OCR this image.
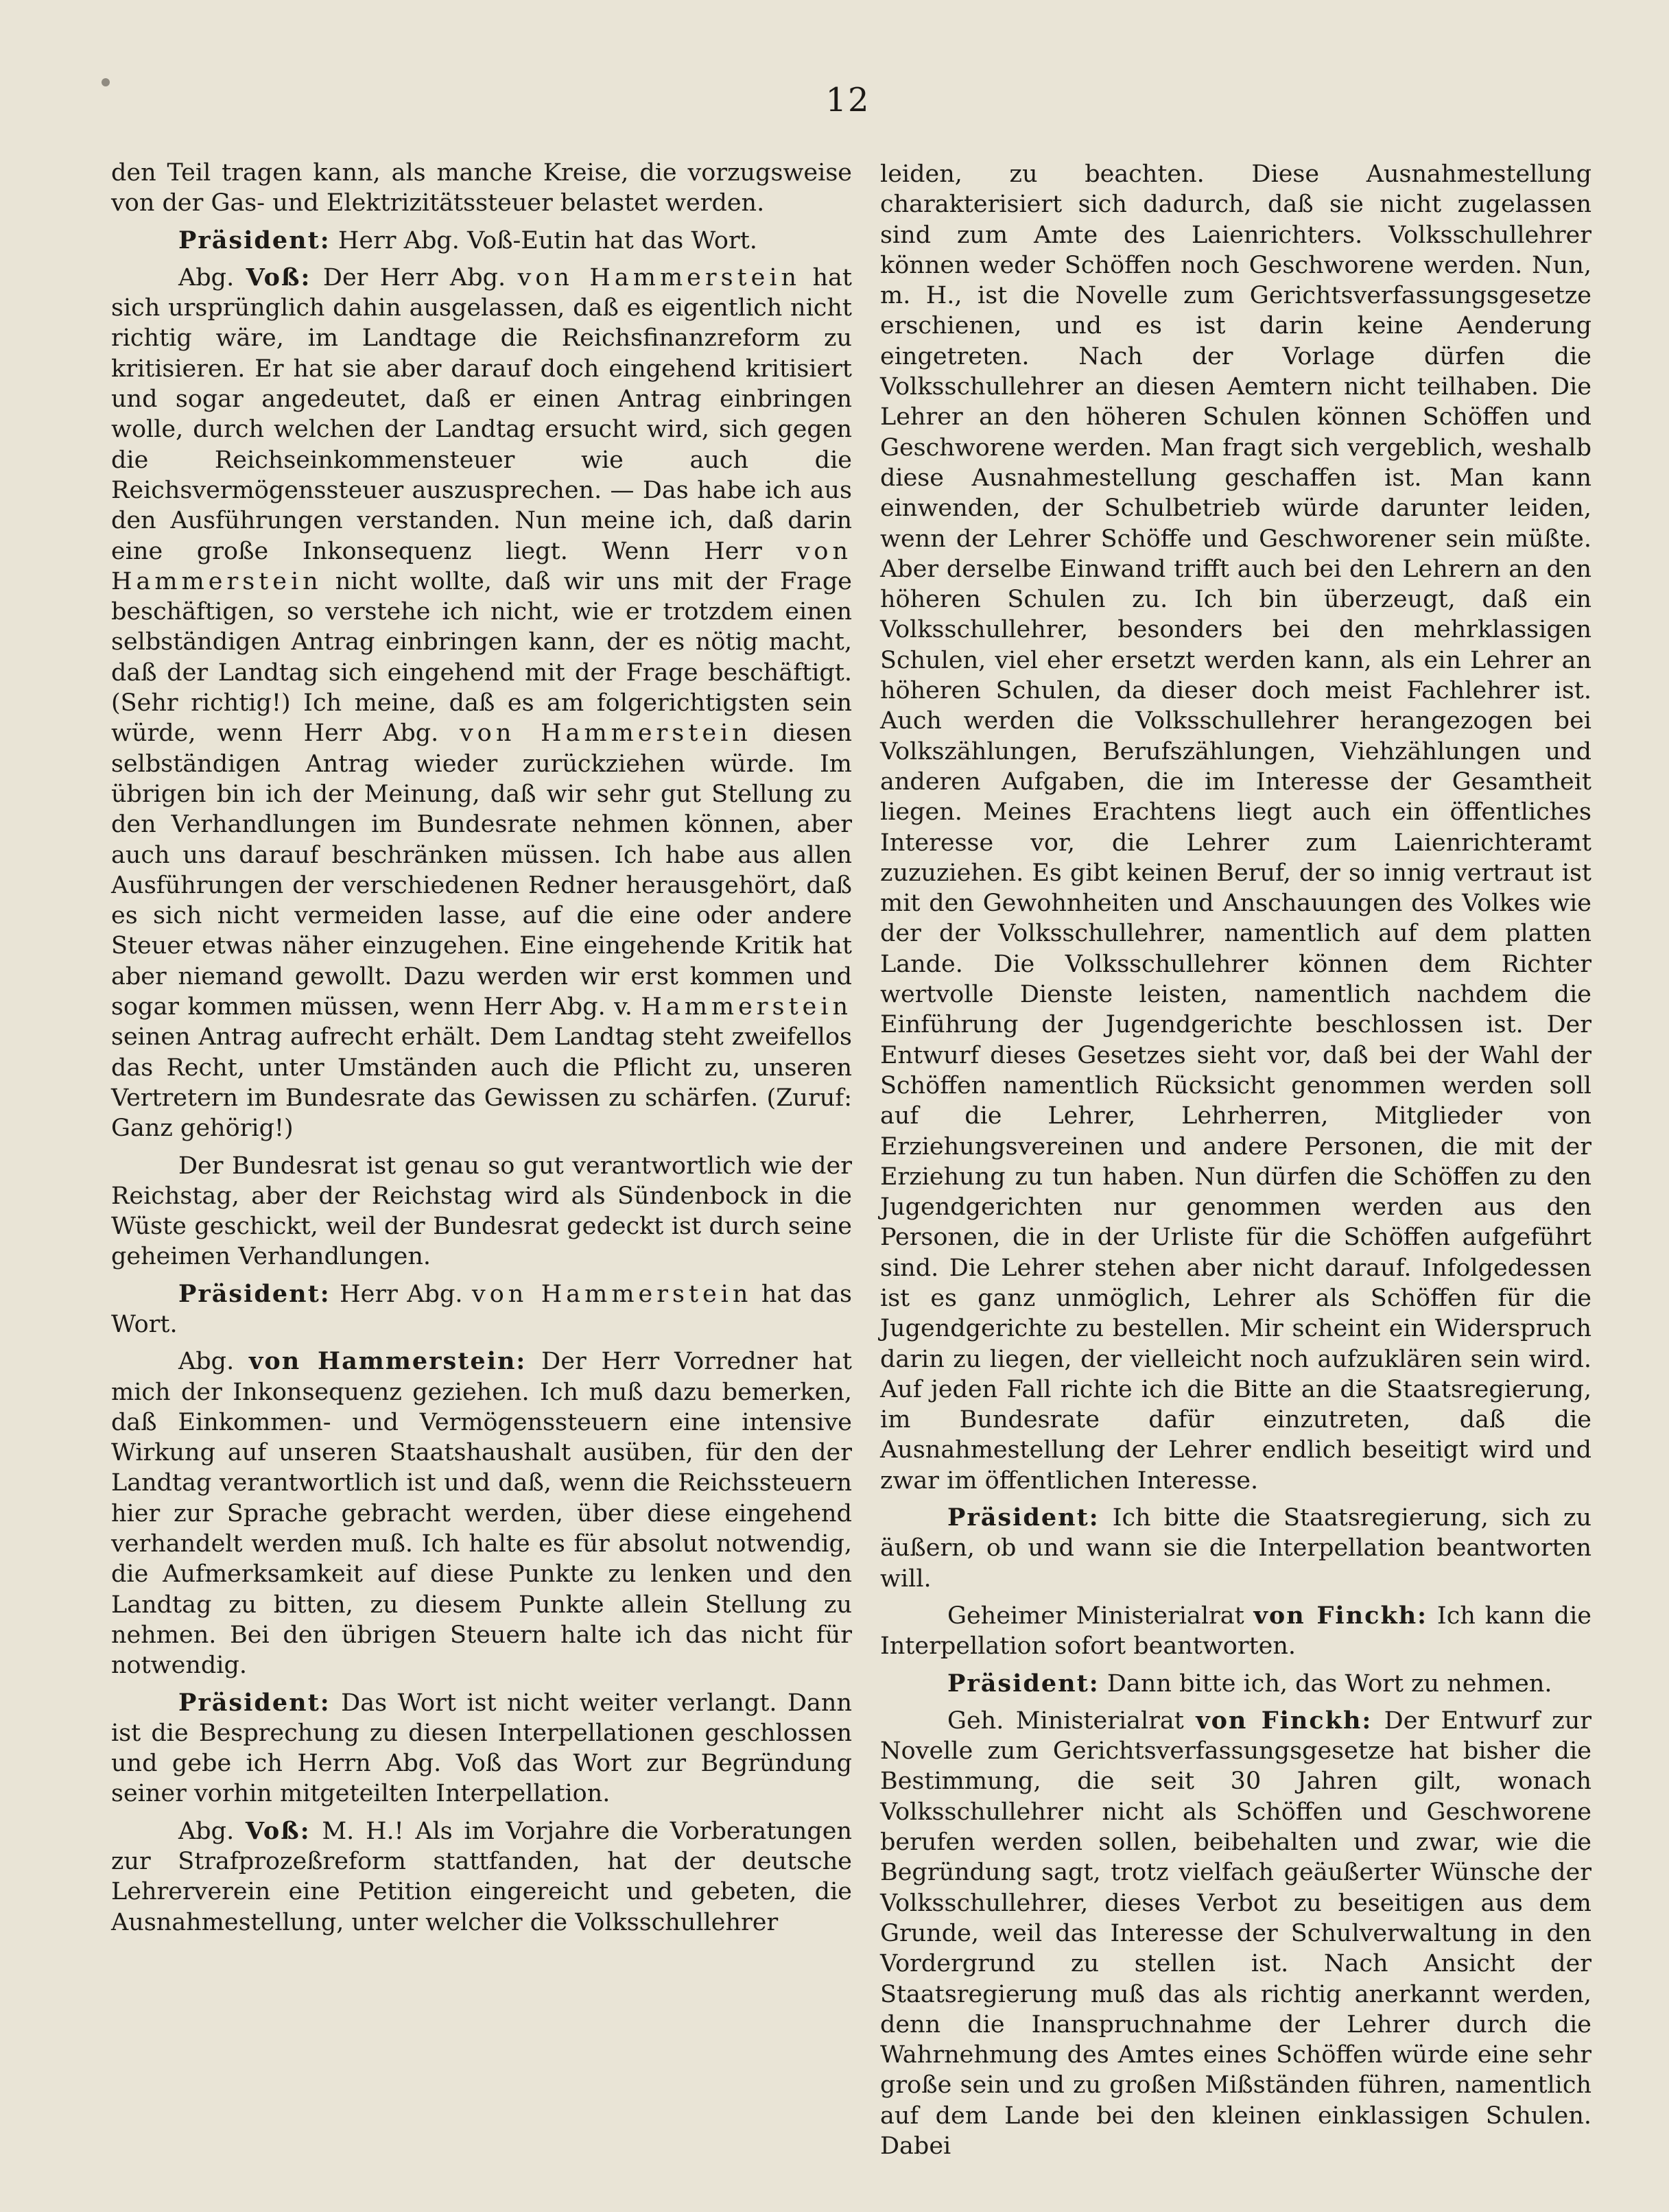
12

den Teil tragen kann, als manche Kreise, die vorzugsweise von der Gas- und Elektrizitätssteuer belastet werden.

Präsident: Herr Abg. Voß-Eutin hat das Wort.

Abg. Voß: Der Herr Abg. von Hammerstein hat sich ursprünglich dahin ausgelassen, daß es eigentlich nicht richtig wäre, im Landtage die Reichsfinanzreform zu kritisieren. Er hat sie aber darauf doch eingehend kritisiert und sogar angedeutet, daß er einen Antrag einbringen wolle, durch welchen der Landtag ersucht wird, sich gegen die Reichseinkommensteuer wie auch die Reichsvermögenssteuer auszusprechen. — Das habe ich aus den Ausführungen verstanden. Nun meine ich, daß darin eine große Inkonsequenz liegt. Wenn Herr von Hammerstein nicht wollte, daß wir uns mit der Frage beschäftigen, so verstehe ich nicht, wie er trotzdem einen selbständigen Antrag einbringen kann, der es nötig macht, daß der Landtag sich eingehend mit der Frage beschäftigt. (Sehr richtig!) Ich meine, daß es am folgerichtigsten sein würde, wenn Herr Abg. von Hammerstein diesen selbständigen Antrag wieder zurückziehen würde. Im übrigen bin ich der Meinung, daß wir sehr gut Stellung zu den Verhandlungen im Bundesrate nehmen können, aber auch uns darauf beschränken müssen. Ich habe aus allen Ausführungen der verschiedenen Redner herausgehört, daß es sich nicht vermeiden lasse, auf die eine oder andere Steuer etwas näher einzugehen. Eine eingehende Kritik hat aber niemand gewollt. Dazu werden wir erst kommen und sogar kommen müssen, wenn Herr Abg. v. Hammerstein seinen Antrag aufrecht erhält. Dem Landtag steht zweifellos das Recht, unter Umständen auch die Pflicht zu, unseren Vertretern im Bundesrate das Gewissen zu schärfen. (Zuruf: Ganz gehörig!)

Der Bundesrat ist genau so gut verantwortlich wie der Reichstag, aber der Reichstag wird als Sündenbock in die Wüste geschickt, weil der Bundesrat gedeckt ist durch seine geheimen Verhandlungen.

Präsident: Herr Abg. von Hammerstein hat das Wort.

Abg. von Hammerstein: Der Herr Vorredner hat mich der Inkonsequenz geziehen. Ich muß dazu bemerken, daß Einkommen- und Vermögenssteuern eine intensive Wirkung auf unseren Staatshaushalt ausüben, für den der Landtag verantwortlich ist und daß, wenn die Reichssteuern hier zur Sprache gebracht werden, über diese eingehend verhandelt werden muß. Ich halte es für absolut notwendig, die Aufmerksamkeit auf diese Punkte zu lenken und den Landtag zu bitten, zu diesem Punkte allein Stellung zu nehmen. Bei den übrigen Steuern halte ich das nicht für notwendig.

Präsident: Das Wort ist nicht weiter verlangt. Dann ist die Besprechung zu diesen Interpellationen geschlossen und gebe ich Herrn Abg. Voß das Wort zur Begründung seiner vorhin mitgeteilten Interpellation.

Abg. Voß: M. H.! Als im Vorjahre die Vorberatungen zur Strafprozeßreform stattfanden, hat der deutsche Lehrerverein eine Petition eingereicht und gebeten, die Ausnahmestellung, unter welcher die Volksschullehrer

leiden, zu beachten. Diese Ausnahmestellung charakterisiert sich dadurch, daß sie nicht zugelassen sind zum Amte des Laienrichters. Volksschullehrer können weder Schöffen noch Geschworene werden. Nun, m. H., ist die Novelle zum Gerichtsverfassungsgesetze erschienen, und es ist darin keine Aenderung eingetreten. Nach der Vorlage dürfen die Volksschullehrer an diesen Aemtern nicht teilhaben. Die Lehrer an den höheren Schulen können Schöffen und Geschworene werden. Man fragt sich vergeblich, weshalb diese Ausnahmestellung geschaffen ist. Man kann einwenden, der Schulbetrieb würde darunter leiden, wenn der Lehrer Schöffe und Geschworener sein müßte. Aber derselbe Einwand trifft auch bei den Lehrern an den höheren Schulen zu. Ich bin überzeugt, daß ein Volksschullehrer, besonders bei den mehrklassigen Schulen, viel eher ersetzt werden kann, als ein Lehrer an höheren Schulen, da dieser doch meist Fachlehrer ist. Auch werden die Volksschullehrer herangezogen bei Volkszählungen, Berufszählungen, Viehzählungen und anderen Aufgaben, die im Interesse der Gesamtheit liegen. Meines Erachtens liegt auch ein öffentliches Interesse vor, die Lehrer zum Laienrichteramt zuzuziehen. Es gibt keinen Beruf, der so innig vertraut ist mit den Gewohnheiten und Anschauungen des Volkes wie der der Volksschullehrer, namentlich auf dem platten Lande. Die Volksschullehrer können dem Richter wertvolle Dienste leisten, namentlich nachdem die Einführung der Jugendgerichte beschlossen ist. Der Entwurf dieses Gesetzes sieht vor, daß bei der Wahl der Schöffen namentlich Rücksicht genommen werden soll auf die Lehrer, Lehrherren, Mitglieder von Erziehungsvereinen und andere Personen, die mit der Erziehung zu tun haben. Nun dürfen die Schöffen zu den Jugendgerichten nur genommen werden aus den Personen, die in der Urliste für die Schöffen aufgeführt sind. Die Lehrer stehen aber nicht darauf. Infolgedessen ist es ganz unmöglich, Lehrer als Schöffen für die Jugendgerichte zu bestellen. Mir scheint ein Widerspruch darin zu liegen, der vielleicht noch aufzuklären sein wird. Auf jeden Fall richte ich die Bitte an die Staatsregierung, im Bundesrate dafür einzutreten, daß die Ausnahmestellung der Lehrer endlich beseitigt wird und zwar im öffentlichen Interesse.

Präsident: Ich bitte die Staatsregierung, sich zu äußern, ob und wann sie die Interpellation beantworten will.

Geheimer Ministerialrat von Finckh: Ich kann die Interpellation sofort beantworten.

Präsident: Dann bitte ich, das Wort zu nehmen.

Geh. Ministerialrat von Finckh: Der Entwurf zur Novelle zum Gerichtsverfassungsgesetze hat bisher die Bestimmung, die seit 30 Jahren gilt, wonach Volksschullehrer nicht als Schöffen und Geschworene berufen werden sollen, beibehalten und zwar, wie die Begründung sagt, trotz vielfach geäußerter Wünsche der Volksschullehrer, dieses Verbot zu beseitigen aus dem Grunde, weil das Interesse der Schulverwaltung in den Vordergrund zu stellen ist. Nach Ansicht der Staatsregierung muß das als richtig anerkannt werden, denn die Inanspruchnahme der Lehrer durch die Wahrnehmung des Amtes eines Schöffen würde eine sehr große sein und zu großen Mißständen führen, namentlich auf dem Lande bei den kleinen einklassigen Schulen. Dabei
